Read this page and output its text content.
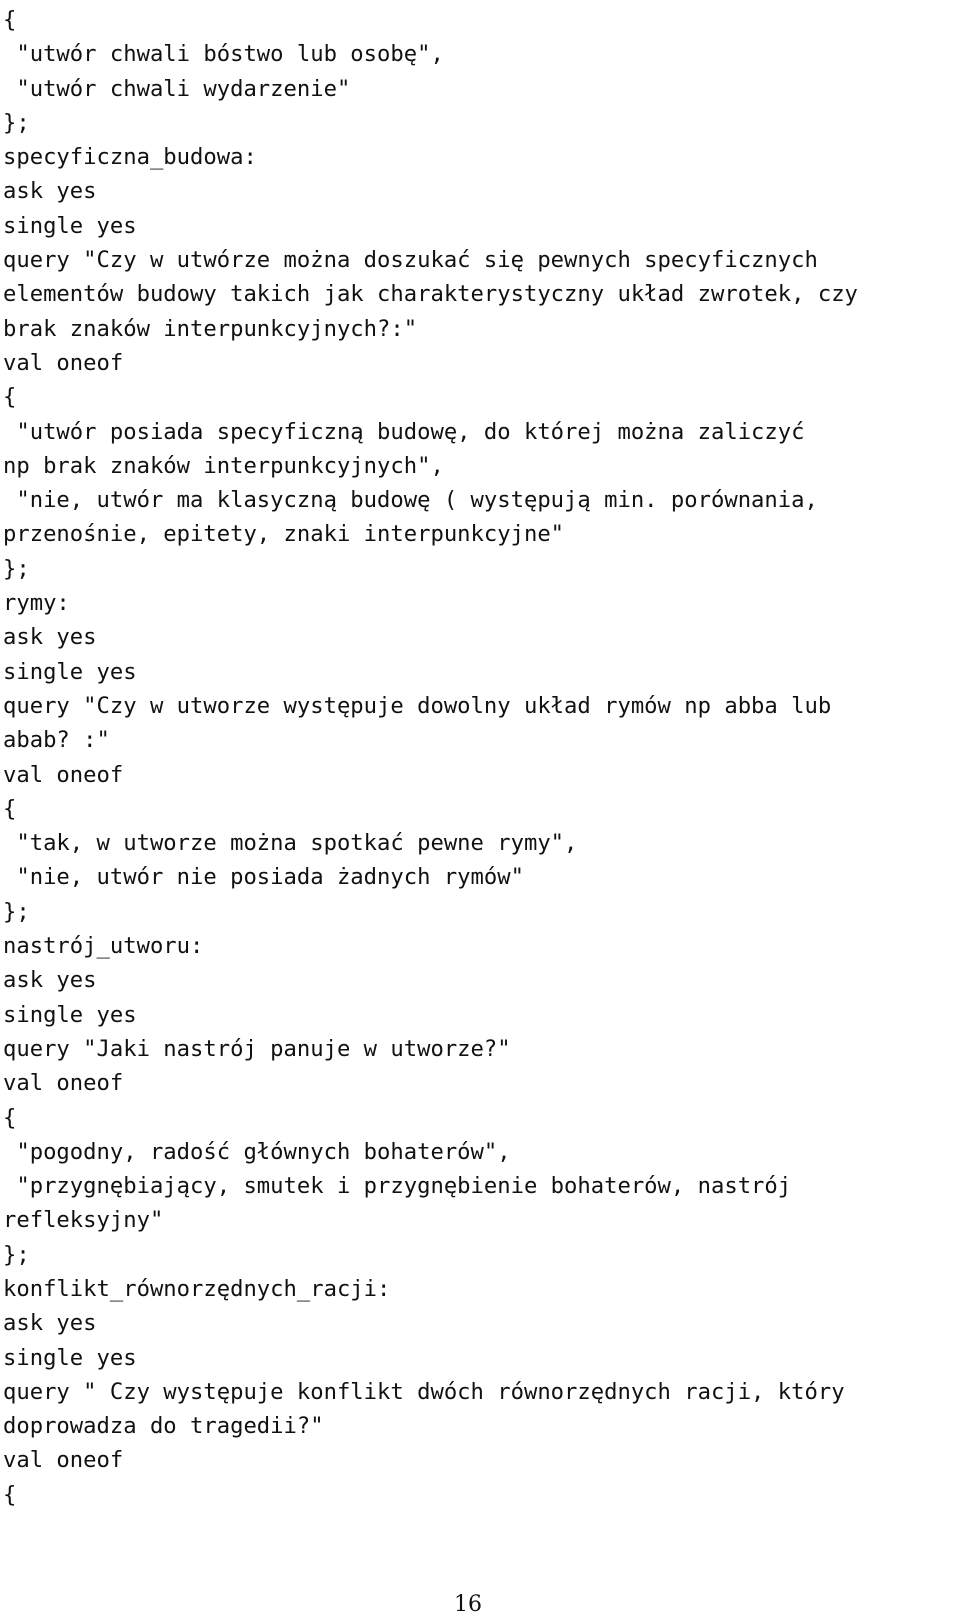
{
"utwór chwali bóstwo lub osobę",
"utwór chwali wydarzenie"
};
specyficzna_budowa:
ask yes
single yes
query "Czy w utwórze można doszukać się pewnych specyficznych
elementów budowy takich jak charakterystyczny układ zwrotek, czy
brak znaków interpunkcyjnych?:"
val oneof
{
"utwór posiada specyficzną budowę, do której można zaliczyć
np brak znaków interpunkcyjnych",
"nie, utwór ma klasyczną budowę ( występują min. porównania,
przenośnie, epitety, znaki interpunkcyjne"
};
rymy:
ask yes
single yes
query "Czy w utworze występuje dowolny układ rymów np abba lub
abab? :"
val oneof
{
"tak, w utworze można spotkać pewne rymy",
"nie, utwór nie posiada żadnych rymów"
};
nastrój_utworu:
ask yes
single yes
query "Jaki nastrój panuje w utworze?"
val oneof
{
"pogodny, radość głównych bohaterów",
"przygnębiający, smutek i przygnębienie bohaterów, nastrój
refleksyjny"
};
konflikt_równorzędnych_racji:
ask yes
single yes
query " Czy występuje konflikt dwóch równorzędnych racji, który
doprowadza do tragedii?"
val oneof
{
16
